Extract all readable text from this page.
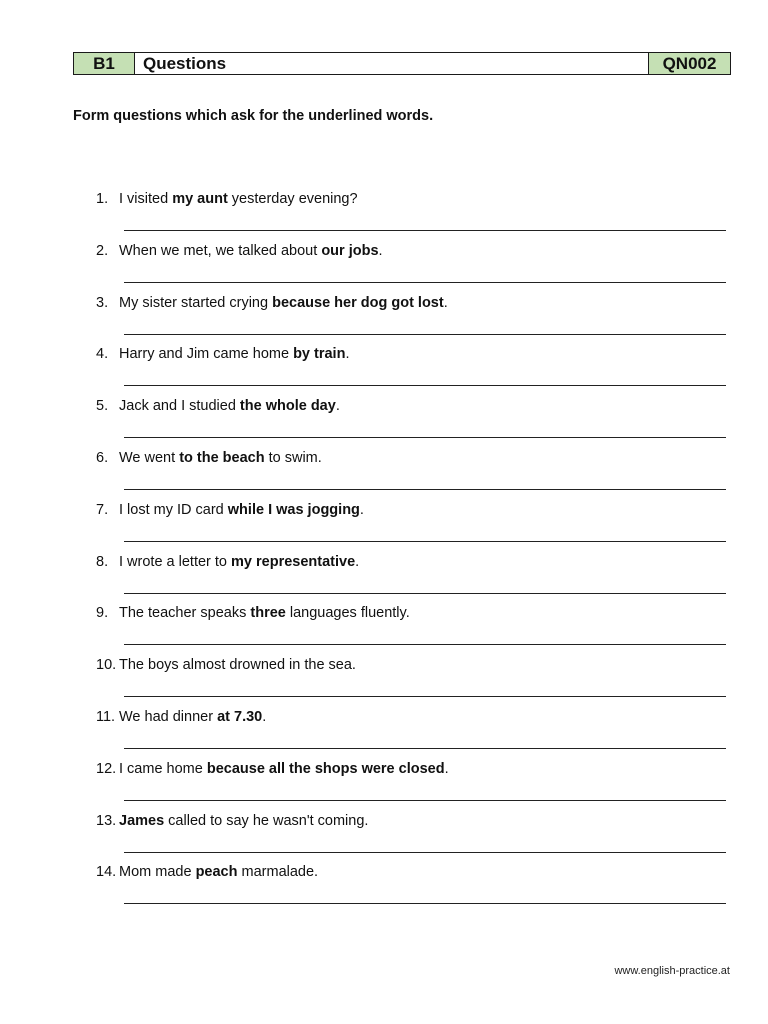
B1	Questions	QN002
Form questions which ask for the underlined words.
1. I visited my aunt yesterday evening?
2. When we met, we talked about our jobs.
3. My sister started crying because her dog got lost.
4. Harry and Jim came home by train.
5. Jack and I studied the whole day.
6. We went to the beach to swim.
7. I lost my ID card while I was jogging.
8. I wrote a letter to my representative.
9. The teacher speaks three languages fluently.
10. The boys almost drowned in the sea.
11. We had dinner at 7.30.
12. I came home because all the shops were closed.
13. James called to say he wasn't coming.
14. Mom made peach marmalade.
www.english-practice.at
